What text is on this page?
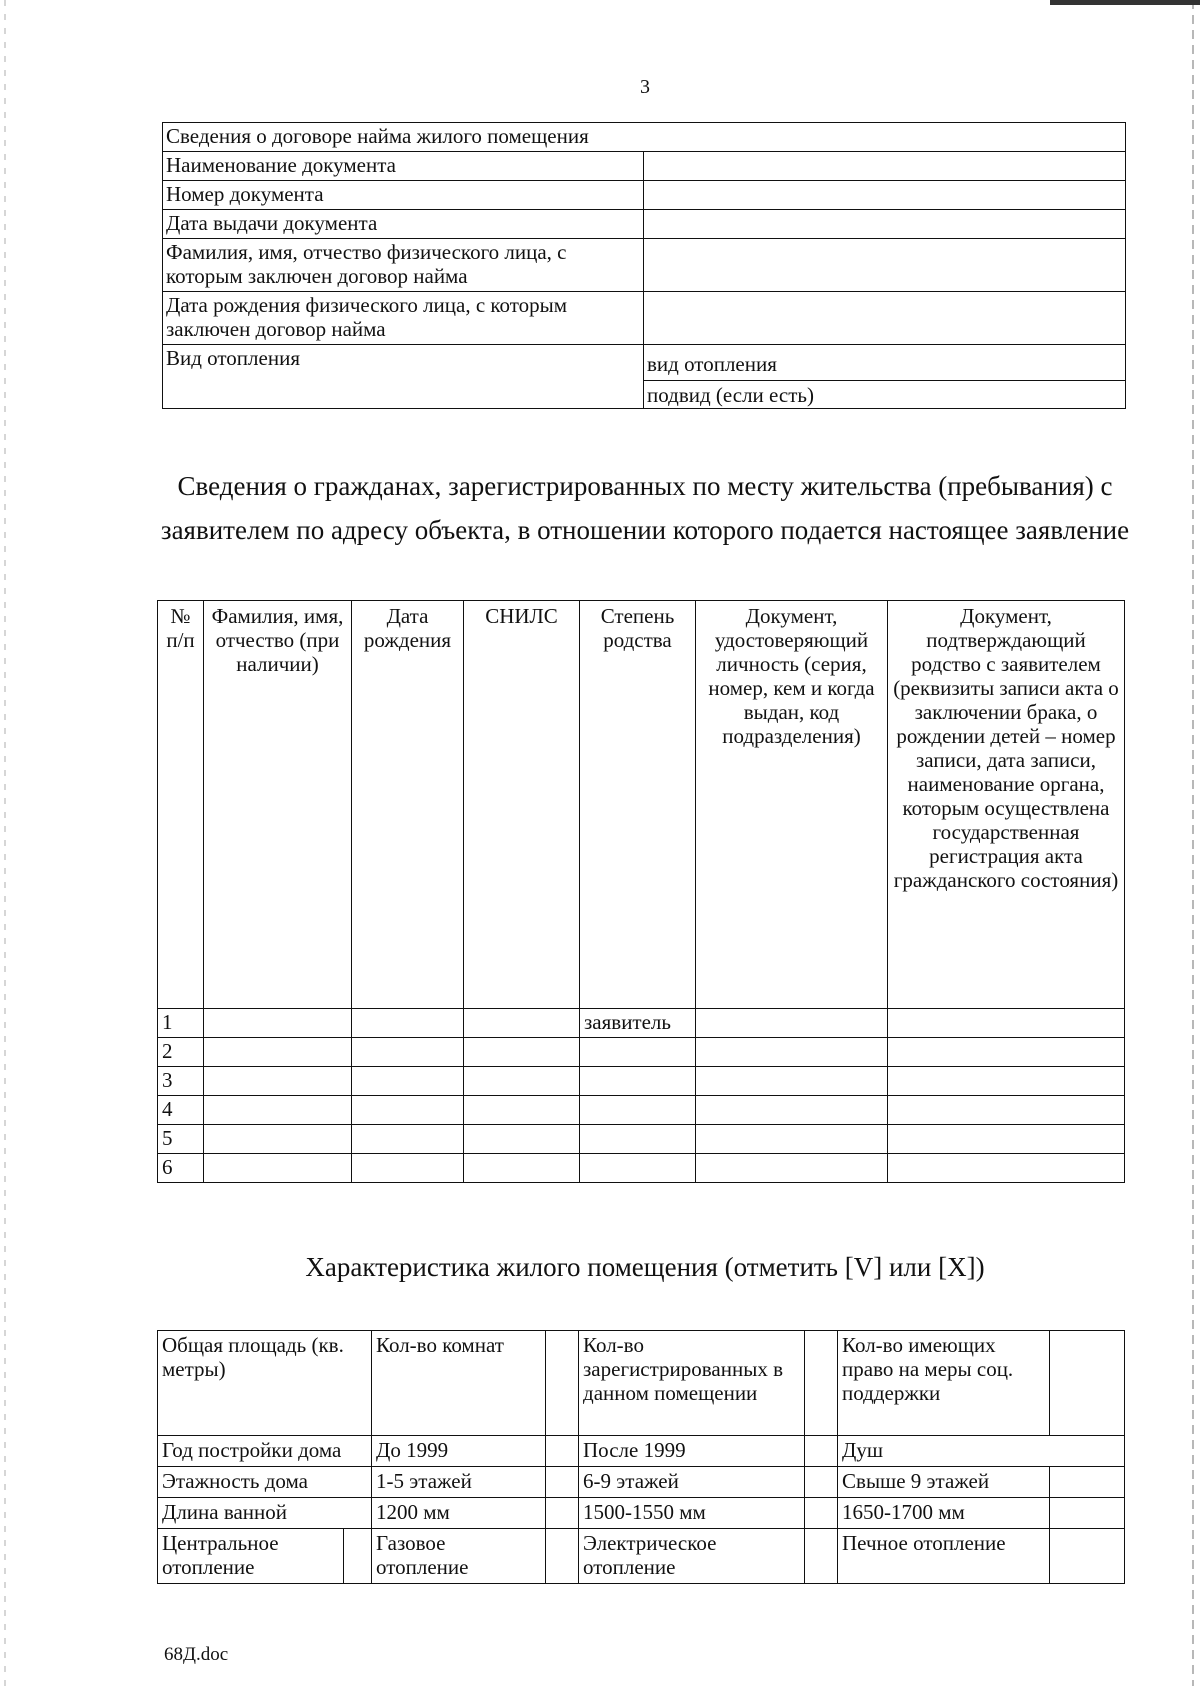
3
Сведения о договоре найма жилого помещения	
Наименование документа	
Номер документа	
Дата выдачи документа	
Фамилия, имя, отчество физического лица, с которым заключен договор найма	
Дата рождения физического лица, с которым заключен договор найма	
Вид отопления	вид отопления
подвид (если есть)
Сведения о гражданах, зарегистрированных по месту жительства (пребывания) с заявителем по адресу объекта, в отношении которого подается настоящее заявление
№ п/п	Фамилия, имя, отчество (при наличии)	Дата рождения	СНИЛС	Степень родства	Документ, удостоверяющий личность (серия, номер, кем и когда выдан, код подразделения)	Документ, подтверждающий родство с заявителем (реквизиты записи акта о заключении брака, о рождении детей – номер записи, дата записи, наименование органа, которым осуществлена государственная регистрация акта гражданского состояния)
1				заявитель		
2						
3						
4						
5						
6						
Характеристика жилого помещения (отметить [V] или [X])
Общая площадь (кв. метры)		Кол-во комнат		Кол-во зарегистрированных в данном помещении		Кол-во имеющих право на меры соц. поддержки	
Год постройки дома		До 1999		После 1999		Душ	
Этажность дома		1-5 этажей		6-9 этажей		Свыше 9 этажей	
Длина ванной		1200 мм		1500-1550 мм		1650-1700 мм	
Центральное отопление		Газовое отопление		Электрическое отопление		Печное отопление	
68Д.doc
